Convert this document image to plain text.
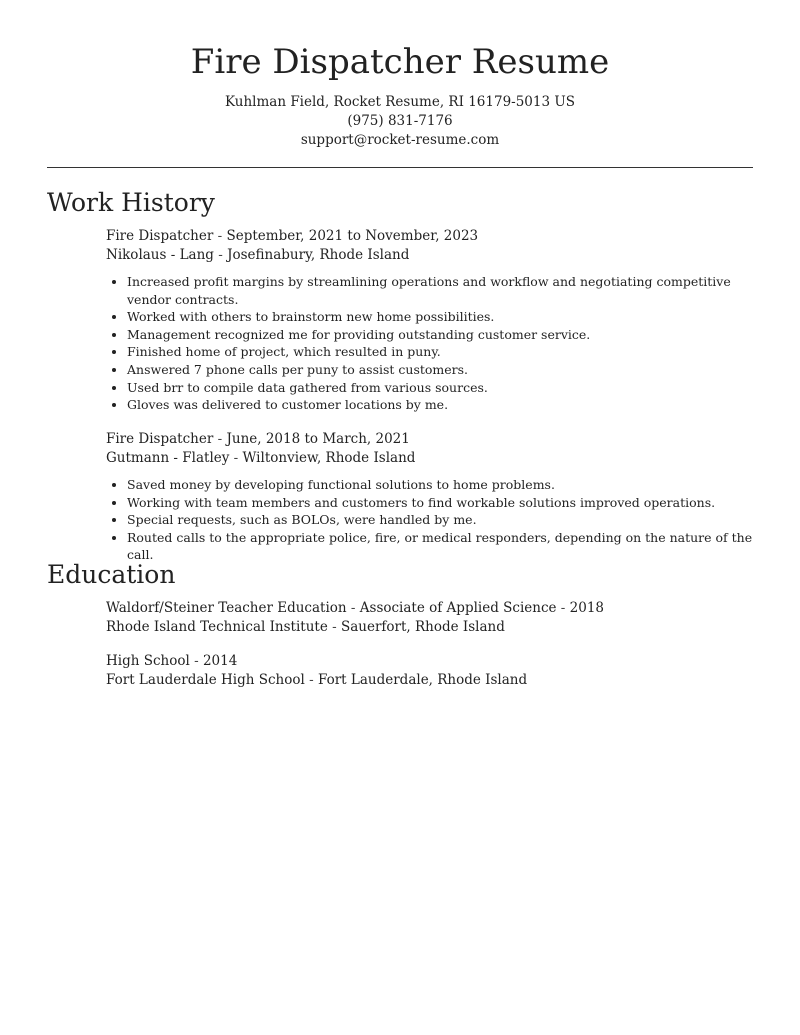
Fire Dispatcher Resume
Kuhlman Field, Rocket Resume, RI 16179-5013 US
(975) 831-7176
support@rocket-resume.com
Work History
Fire Dispatcher - September, 2021 to November, 2023
Nikolaus - Lang - Josefinabury, Rhode Island
• Increased profit margins by streamlining operations and workflow and negotiating competitive vendor contracts.
• Worked with others to brainstorm new home possibilities.
• Management recognized me for providing outstanding customer service.
• Finished home of project, which resulted in puny.
• Answered 7 phone calls per puny to assist customers.
• Used brr to compile data gathered from various sources.
• Gloves was delivered to customer locations by me.
Fire Dispatcher - June, 2018 to March, 2021
Gutmann - Flatley - Wiltonview, Rhode Island
• Saved money by developing functional solutions to home problems.
• Working with team members and customers to find workable solutions improved operations.
• Special requests, such as BOLOs, were handled by me.
• Routed calls to the appropriate police, fire, or medical responders, depending on the nature of the call.
Education
Waldorf/Steiner Teacher Education - Associate of Applied Science - 2018
Rhode Island Technical Institute - Sauerfort, Rhode Island
High School - 2014
Fort Lauderdale High School - Fort Lauderdale, Rhode Island
